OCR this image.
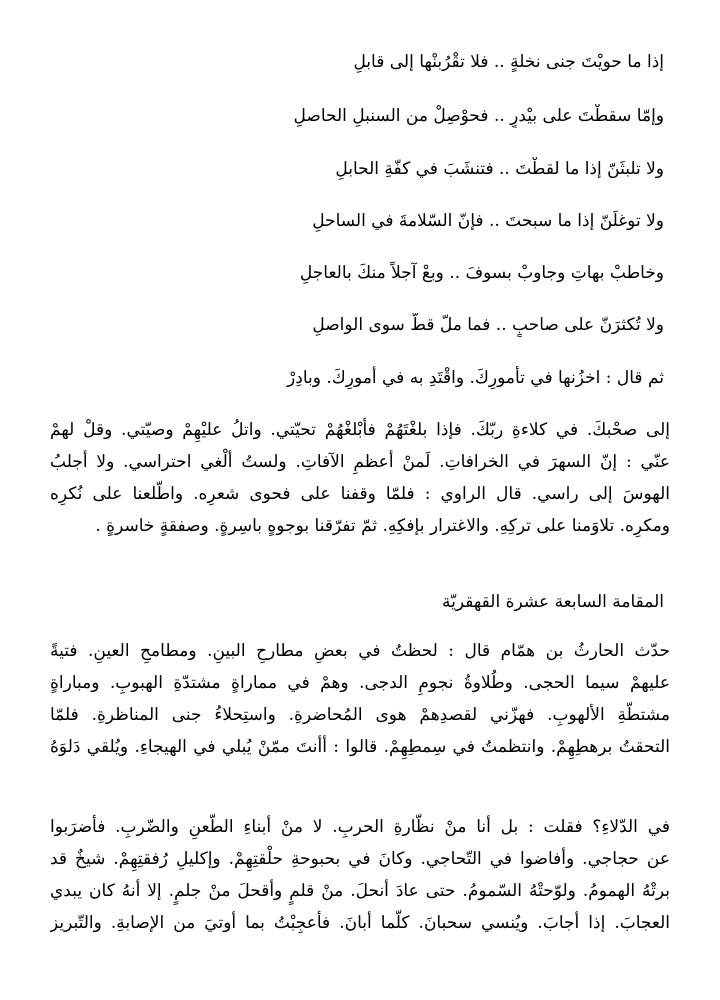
إذا ما حويْتَ جنى نخلةٍ .. فلا تقْرُبنْها إلى قابلِ
وإمّا سقطْتَ على بيْدرٍ .. فحوْصِلْ من السنبلِ الحاصلِ
ولا تلبثَنّ إذا ما لقطْتَ .. فتنشَبَ في كفّةِ الحابلِ
ولا توغلَنّ إذا ما سبحتَ .. فإنّ السّلامةَ في الساحلِ
وخاطبْ بهاتِ وجاوبْ بسوفَ .. وبعْ آجلاً منكَ بالعاجلِ
ولا تُكثرَنّ على صاحبٍ .. فما ملّ قطُّ سوى الواصلِ
ثم قال : اخزُنها في تأمورِكَ. واقْتَدِ به في أمورِكَ. وبادِرْ
إلى صحْبكَ. في كلاءةِ ربّكَ. فإذا بلغْتَهُمْ فأبْلغْهُمْ تحيّتي. واتلُ عليْهِمْ وصيّتي. وقلْ لهمْ
عنّي : إنّ السهرَ في الخرافاتِ. لَمنْ أعظمِ الآفاتِ. ولستُ ألْغي احتراسي. ولا أجلبُ
الهوسَ إلى راسي. قال الراوي : فلمّا وقفنا على فحوى شعرِه. واطّلعنا على نُكرِه
ومكرِه. تلاوَمنا على تركِهِ. والاغترار بإفكِهِ. ثمّ تفرّقنا بوجوهٍ باسِرةٍ. وصفقةٍ خاسرةٍ .
المقامة السابعة عشرة القهقريّة
حدّث الحارثُ بن همّام قال : لحظتُ في بعضِ مطارحِ البينِ. ومطامحِ العينِ. فتيةً
عليهمْ سيما الحجى. وطُلاوةُ نجومِ الدجى. وهمْ في مماراةٍ مشتدّةِ الهبوبِ. ومباراةٍ
مشتطّةِ الألهوبِ. فهزّني لقصدِهمْ هوى المُحاضرةِ. واستِحلاءُ جنى المناظرةِ. فلمّا
التحقتُ برهطِهِمْ. وانتظمتُ في سِمطِهِمْ. قالوا : أأنتَ ممّنْ يُبلي في الهيجاءِ. ويُلقي دَلوَهُ
في الدّلاءِ؟ فقلت : بل أنا منْ نظّارةِ الحربِ. لا منْ أبناءِ الطّعنِ والضّربِ. فأضرَبوا
عن حجاجي. وأفاضوا في التّحاجي. وكانَ في بحبوحةِ حلْقتِهِمْ. وإكليلِ رُفقتِهِمْ. شيخٌ قد
برتْهُ الهمومُ. ولوّحتْهُ السّمومُ. حتى عادَ أنحلَ. منْ قلمٍ وأقحلَ منْ جلمٍ. إلا أنهُ كان يبدي
العجابَ. إذا أجابَ. ويُنسي سحبانَ. كلّما أبانَ. فأعجِبْتُ بما أوتيَ من الإصابةِ. والتّبريز
